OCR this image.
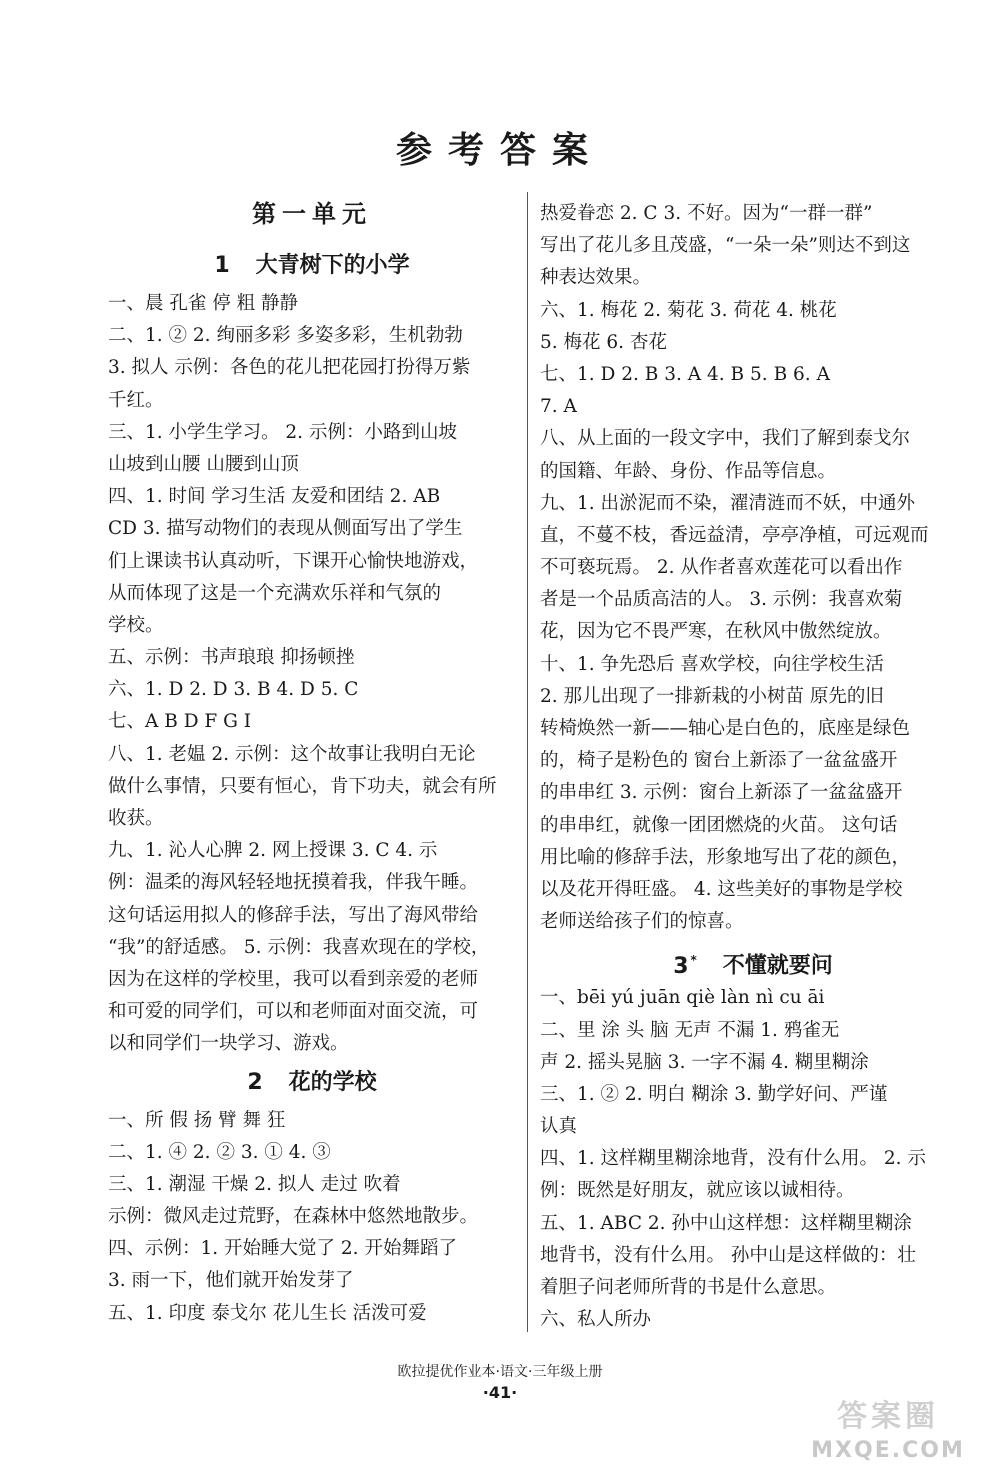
参考答案
第一单元
1 大青树下的小学
一、晨 孔雀 停 粗 静静
二、1. ② 2. 绚丽多彩 多姿多彩，生机勃勃
3. 拟人 示例：各色的花儿把花园打扮得万紫
千红。
三、1. 小学生学习。 2. 示例：小路到山坡
山坡到山腰 山腰到山顶
四、1. 时间 学习生活 友爱和团结 2. AB
CD 3. 描写动物们的表现从侧面写出了学生
们上课读书认真动听，下课开心愉快地游戏，
从而体现了这是一个充满欢乐祥和气氛的
学校。
五、示例：书声琅琅 抑扬顿挫
六、1. D 2. D 3. B 4. D 5. C
七、A B D F G I
八、1. 老媪 2. 示例：这个故事让我明白无论
做什么事情，只要有恒心，肯下功夫，就会有所
收获。
九、1. 沁人心脾 2. 网上授课 3. C 4. 示
例：温柔的海风轻轻地抚摸着我，伴我午睡。
这句话运用拟人的修辞手法，写出了海风带给
“我”的舒适感。 5. 示例：我喜欢现在的学校，
因为在这样的学校里，我可以看到亲爱的老师
和可爱的同学们，可以和老师面对面交流，可
以和同学们一块学习、游戏。
2 花的学校
一、所 假 扬 臂 舞 狂
二、1. ④ 2. ② 3. ① 4. ③
三、1. 潮湿 干燥 2. 拟人 走过 吹着
示例：微风走过荒野，在森林中悠然地散步。
四、示例：1. 开始睡大觉了 2. 开始舞蹈了
3. 雨一下，他们就开始发芽了
五、1. 印度 泰戈尔 花儿生长 活泼可爱
热爱眷恋 2. C 3. 不好。因为“一群一群”
写出了花儿多且茂盛，“一朵一朵”则达不到这
种表达效果。
六、1. 梅花 2. 菊花 3. 荷花 4. 桃花
5. 梅花 6. 杏花
七、1. D 2. B 3. A 4. B 5. B 6. A
7. A
八、从上面的一段文字中，我们了解到泰戈尔
的国籍、年龄、身份、作品等信息。
九、1. 出淤泥而不染，濯清涟而不妖，中通外
直，不蔓不枝，香远益清，亭亭净植，可远观而
不可亵玩焉。 2. 从作者喜欢莲花可以看出作
者是一个品质高洁的人。 3. 示例：我喜欢菊
花，因为它不畏严寒，在秋风中傲然绽放。
十、1. 争先恐后 喜欢学校，向往学校生活
2. 那儿出现了一排新栽的小树苗 原先的旧
转椅焕然一新——轴心是白色的，底座是绿色
的，椅子是粉色的 窗台上新添了一盆盆盛开
的串串红 3. 示例：窗台上新添了一盆盆盛开
的串串红，就像一团团燃烧的火苗。 这句话
用比喻的修辞手法，形象地写出了花的颜色，
以及花开得旺盛。 4. 这些美好的事物是学校
老师送给孩子们的惊喜。
3 * 不懂就要问
一、bēi yú juān qiè làn nì cu āi
二、里 涂 头 脑 无声 不漏 1. 鸦雀无
声 2. 摇头晃脑 3. 一字不漏 4. 糊里糊涂
三、1. ② 2. 明白 糊涂 3. 勤学好问、严谨
认真
四、1. 这样糊里糊涂地背，没有什么用。 2. 示
例：既然是好朋友，就应该以诚相待。
五、1. ABC 2. 孙中山这样想：这样糊里糊涂
地背书，没有什么用。 孙中山是这样做的：壮
着胆子问老师所背的书是什么意思。
六、私人所办
欧拉提优作业本·语文·三年级上册
·41·
答案圈
MXQE.COM
